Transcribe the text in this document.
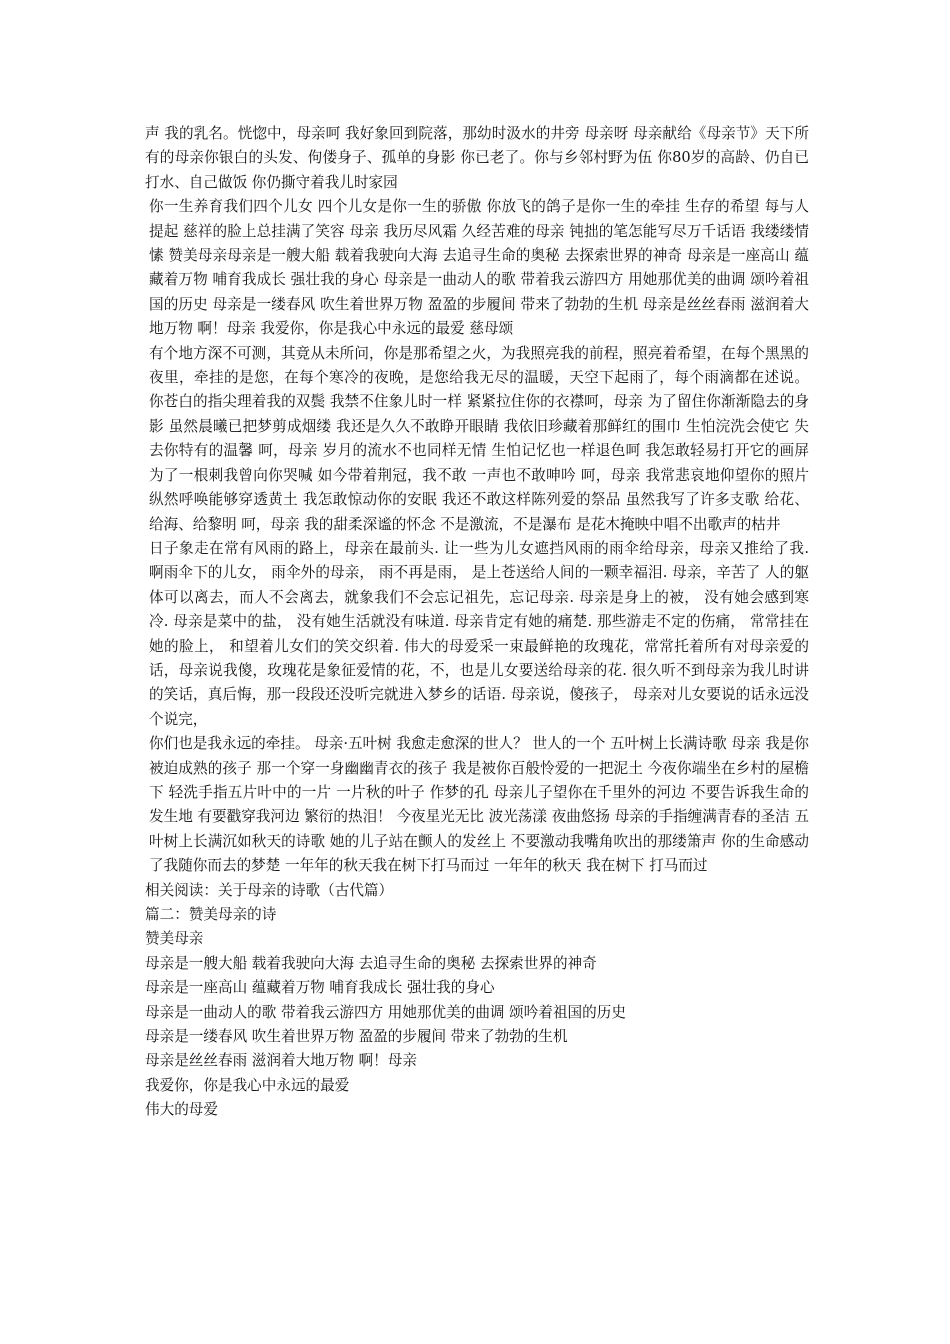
声 我的乳名。恍惚中，母亲呵 我好象回到院落，那幼时汲水的井旁 母亲呀 母亲献给《母亲节》天下所有的母亲你银白的头发、佝偻身子、孤单的身影 你已老了。你与乡邻村野为伍 你80岁的高龄、仍自已打水、自己做饭 你仍撕守着我儿时家园

你一生养育我们四个儿女 四个儿女是你一生的骄傲 你放飞的鸽子是你一生的牵挂 生存的希望 每与人提起 慈祥的脸上总挂满了笑容 母亲 我历尽风霜 久经苦难的母亲 钝拙的笔怎能写尽万千话语 我缕缕情愫 赞美母亲母亲是一艘大船 载着我驶向大海 去追寻生命的奥秘 去探索世界的神奇 母亲是一座高山 蕴藏着万物 哺育我成长 强壮我的身心 母亲是一曲动人的歌 带着我云游四方 用她那优美的曲调 颂吟着祖国的历史 母亲是一缕春风 吹生着世界万物 盈盈的步履间 带来了勃勃的生机 母亲是丝丝春雨 滋润着大地万物 啊！母亲 我爱你，你是我心中永远的最爱 慈母颂

有个地方深不可测，其竟从未所问，你是那希望之火，为我照亮我的前程，照亮着希望，在每个黑黑的夜里，牵挂的是您，在每个寒冷的夜晚，是您给我无尽的温暖，天空下起雨了，每个雨滴都在述说。 你苍白的指尖理着我的双鬓 我禁不住象儿时一样 紧紧拉住你的衣襟呵，母亲 为了留住你渐渐隐去的身影 虽然晨曦已把梦剪成烟缕 我还是久久不敢睁开眼睛 我依旧珍藏着那鲜红的围巾 生怕浣洗会使它 失去你特有的温馨 呵，母亲 岁月的流水不也同样无情 生怕记忆也一样退色呵 我怎敢轻易打开它的画屏 为了一根刺我曾向你哭喊 如今带着荆冠，我不敢 一声也不敢呻吟 呵，母亲 我常悲哀地仰望你的照片 纵然呼唤能够穿透黄土 我怎敢惊动你的安眠 我还不敢这样陈列爱的祭品 虽然我写了许多支歌 给花、给海、给黎明 呵，母亲 我的甜柔深谧的怀念 不是激流，不是瀑布 是花木掩映中唱不出歌声的枯井

日子象走在常有风雨的路上，母亲在最前头. 让一些为儿女遮挡风雨的雨伞给母亲，母亲又推给了我. 啊雨伞下的儿女， 雨伞外的母亲， 雨不再是雨， 是上苍送给人间的一颗幸福泪. 母亲，辛苦了 人的躯体可以离去，而人不会离去，就象我们不会忘记祖先，忘记母亲. 母亲是身上的被， 没有她会感到寒冷. 母亲是菜中的盐， 没有她生活就没有味道. 母亲肯定有她的痛楚. 那些游走不定的伤痛， 常常挂在她的脸上， 和望着儿女们的笑交织着. 伟大的母爱采一束最鲜艳的玫瑰花，常常托着所有对母亲爱的话，母亲说我傻，玫瑰花是象征爱情的花，不，也是儿女要送给母亲的花. 很久听不到母亲为我儿时讲的笑话，真后悔，那一段段还没听完就进入梦乡的话语. 母亲说，傻孩子， 母亲对儿女要说的话永远没个说完，

你们也是我永远的牵挂。 母亲·五叶树 我愈走愈深的世人？ 世人的一个 五叶树上长满诗歌 母亲 我是你被迫成熟的孩子 那一个穿一身幽幽青衣的孩子 我是被你百般怜爱的一把泥土 今夜你端坐在乡村的屋檐下 轻洗手指五片叶中的一片 一片秋的叶子 作梦的孔 母亲儿子望你在千里外的河边 不要告诉我生命的发生地 有要戳穿我河边 繁衍的热泪！ 今夜星光无比 波光荡漾 夜曲悠扬 母亲的手指缠满青春的圣洁 五叶树上长满沉如秋天的诗歌 她的儿子站在颤人的发丝上 不要激动我嘴角吹出的那缕箫声 你的生命感动了我随你而去的梦楚 一年年的秋天我在树下打马而过 一年年的秋天 我在树下 打马而过

相关阅读：关于母亲的诗歌（古代篇）

篇二：赞美母亲的诗

赞美母亲

母亲是一艘大船 载着我驶向大海 去追寻生命的奥秘 去探索世界的神奇

母亲是一座高山 蕴藏着万物 哺育我成长 强壮我的身心

母亲是一曲动人的歌 带着我云游四方 用她那优美的曲调 颂吟着祖国的历史

母亲是一缕春风 吹生着世界万物 盈盈的步履间 带来了勃勃的生机

母亲是丝丝春雨 滋润着大地万物 啊！母亲

我爱你，你是我心中永远的最爱

伟大的母爱
